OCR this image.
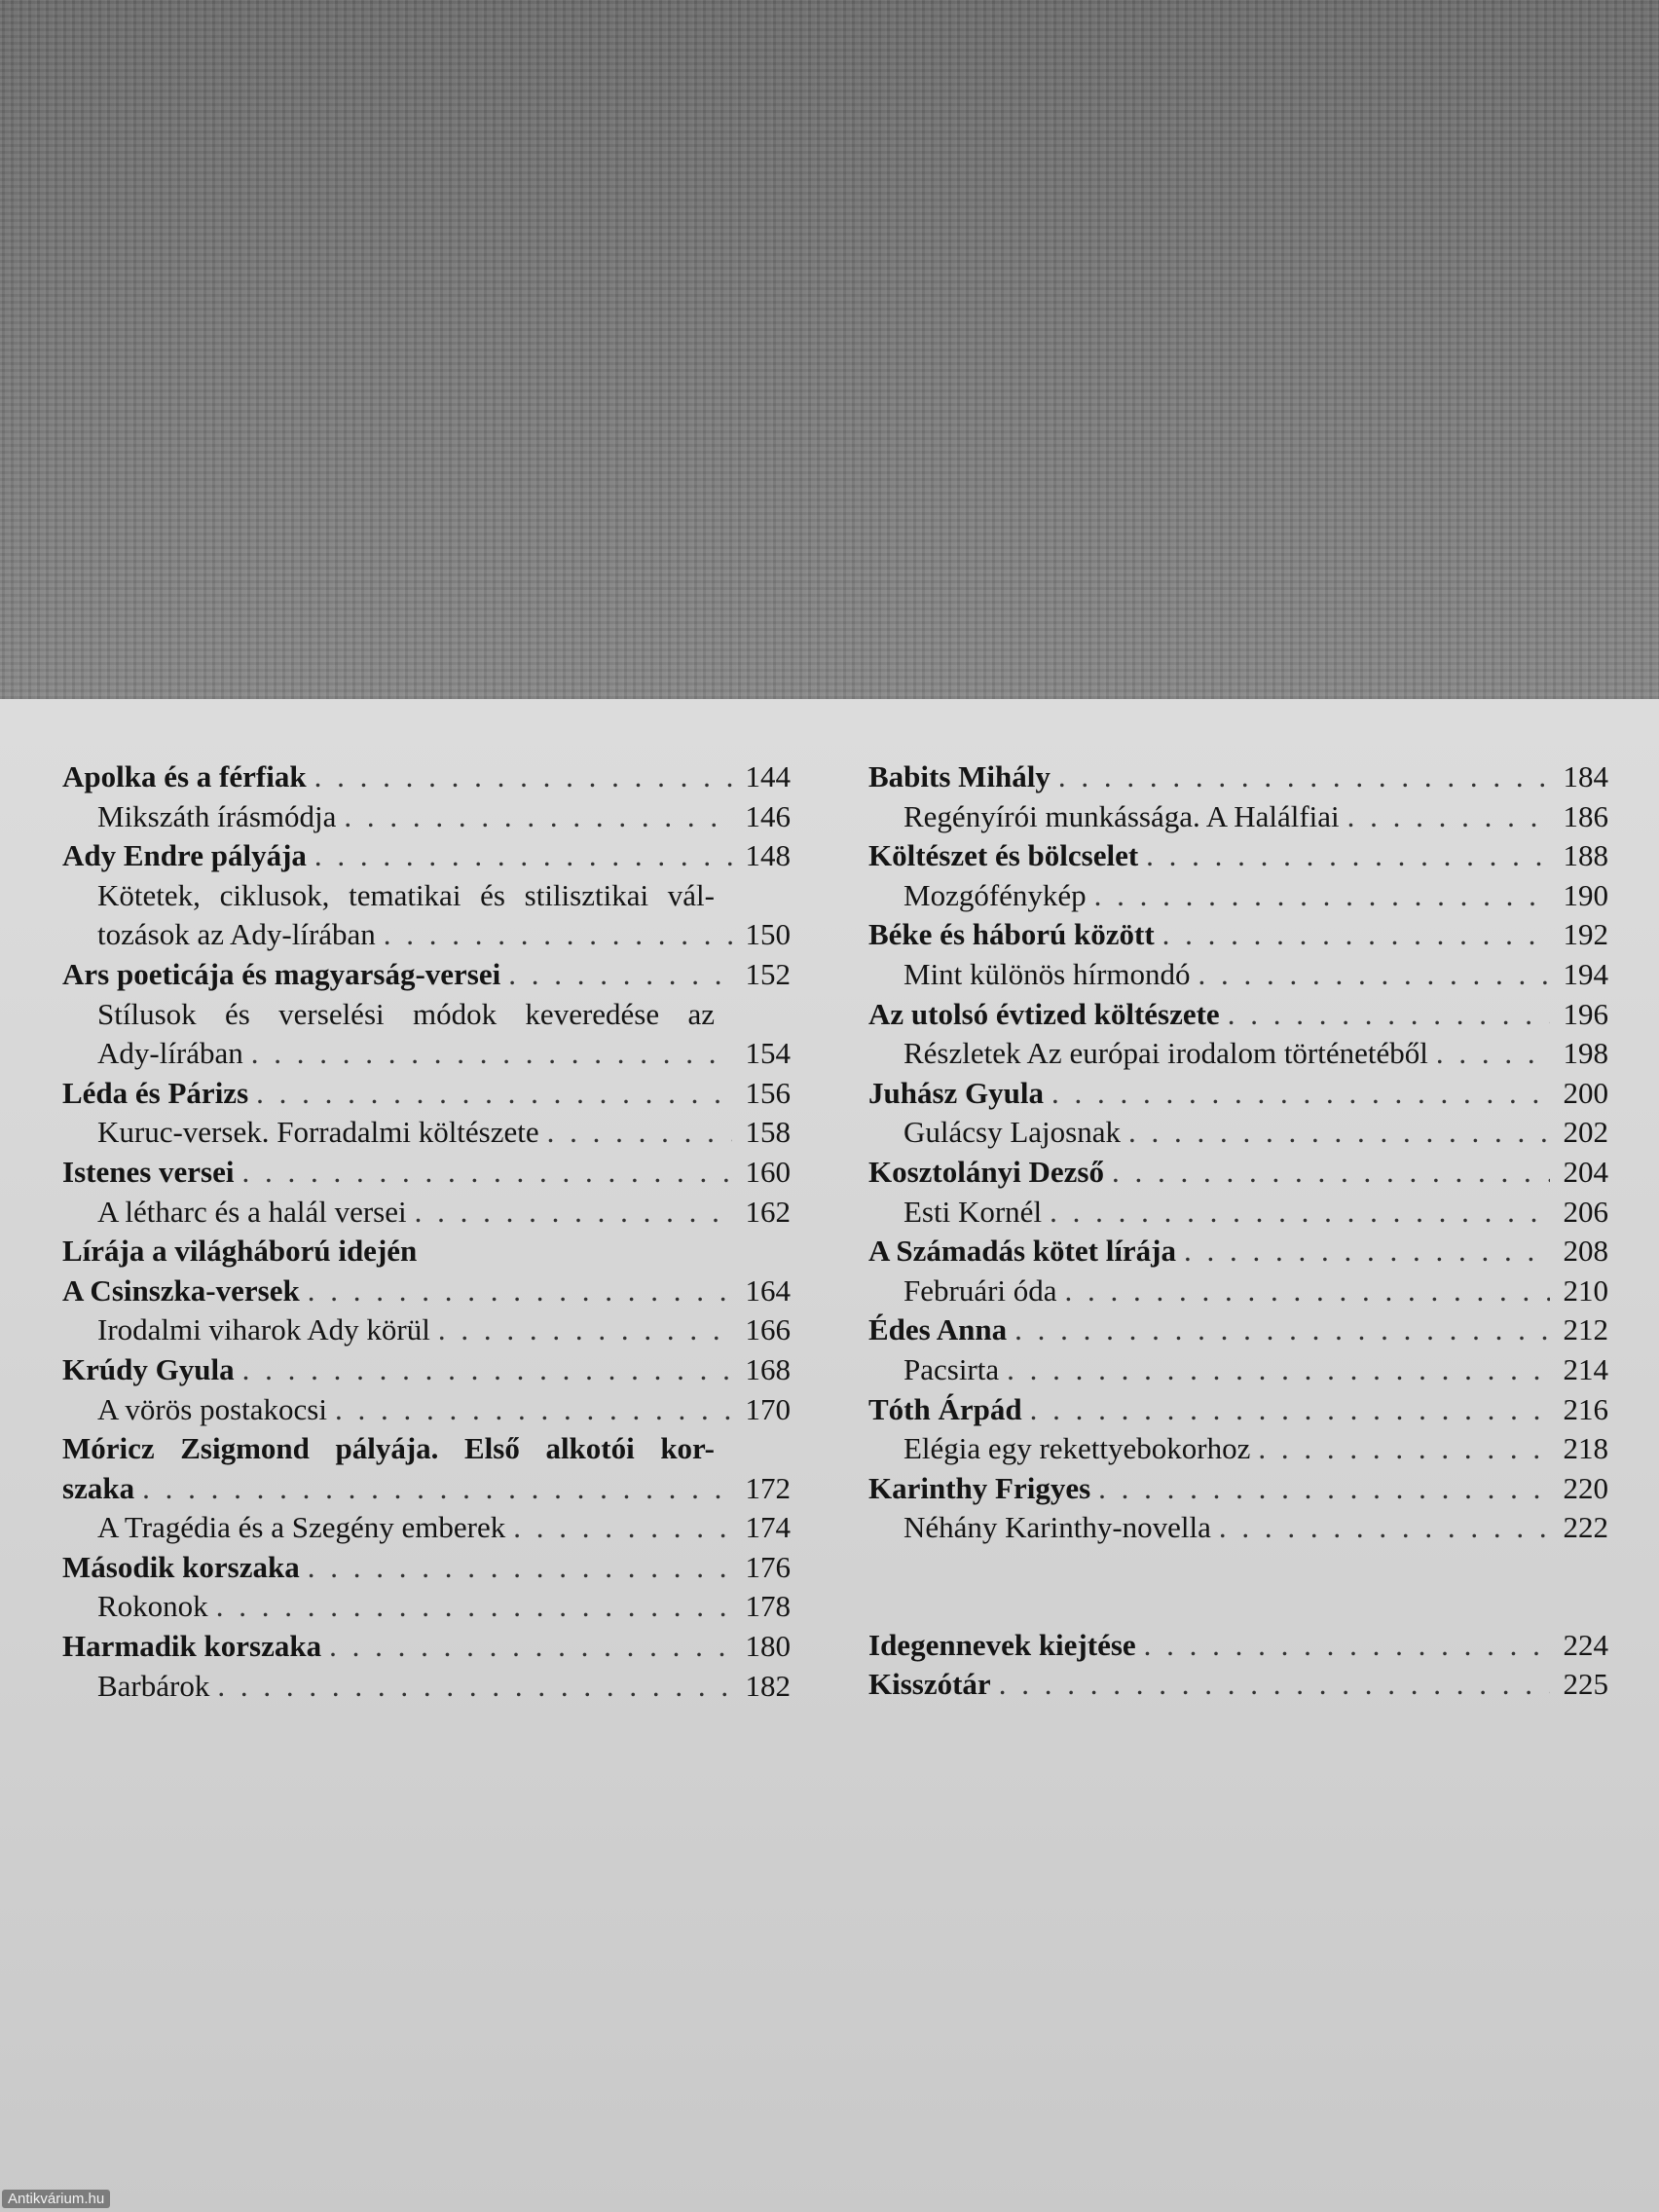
Apolka és a férfiak . . .	144
Mikszáth írásmódja . . .	146
Ady Endre pályája . . .	148
Kötetek, ciklusok, tematikai és stilisztikai vál-
tozások az Ady-lírában . . .	150
Ars poeticája és magyarság-versei . . .	152
Stílusok és verselési módok keveredése az
Ady-lírában . . .	154
Léda és Párizs . . .	156
Kuruc-versek. Forradalmi költészete . . .	158
Istenes versei . . .	160
A létharc és a halál versei . . .	162
Lírája a világháború idején
A Csinszka-versek . . .	164
Irodalmi viharok Ady körül . . .	166
Krúdy Gyula . . .	168
A vörös postakocsi . . .	170
Móricz Zsigmond pályája. Első alkotói kor-
szaka . . .	172
A Tragédia és a Szegény emberek . . .	174
Második korszaka . . .	176
Rokonok . . .	178
Harmadik korszaka . . .	180
Barbárok . . .	182
Babits Mihály . . .	184
Regényírói munkássága. A Halálfiai . . .	186
Költészet és bölcselet . . .	188
Mozgófénykép . . .	190
Béke és háború között . . .	192
Mint különös hírmondó . . .	194
Az utolsó évtized költészete . . .	196
Részletek Az európai irodalom történetéből . . .	198
Juhász Gyula . . .	200
Gulácsy Lajosnak . . .	202
Kosztolányi Dezső . . .	204
Esti Kornél . . .	206
A Számadás kötet lírája . . .	208
Februári óda . . .	210
Édes Anna . . .	212
Pacsirta . . .	214
Tóth Árpád . . .	216
Elégia egy rekettyebokorhoz . . .	218
Karinthy Frigyes . . .	220
Néhány Karinthy-novella . . .	222
Idegennevek kiejtése . . .	224
Kisszótár . . .	225
Antikvárium.hu
